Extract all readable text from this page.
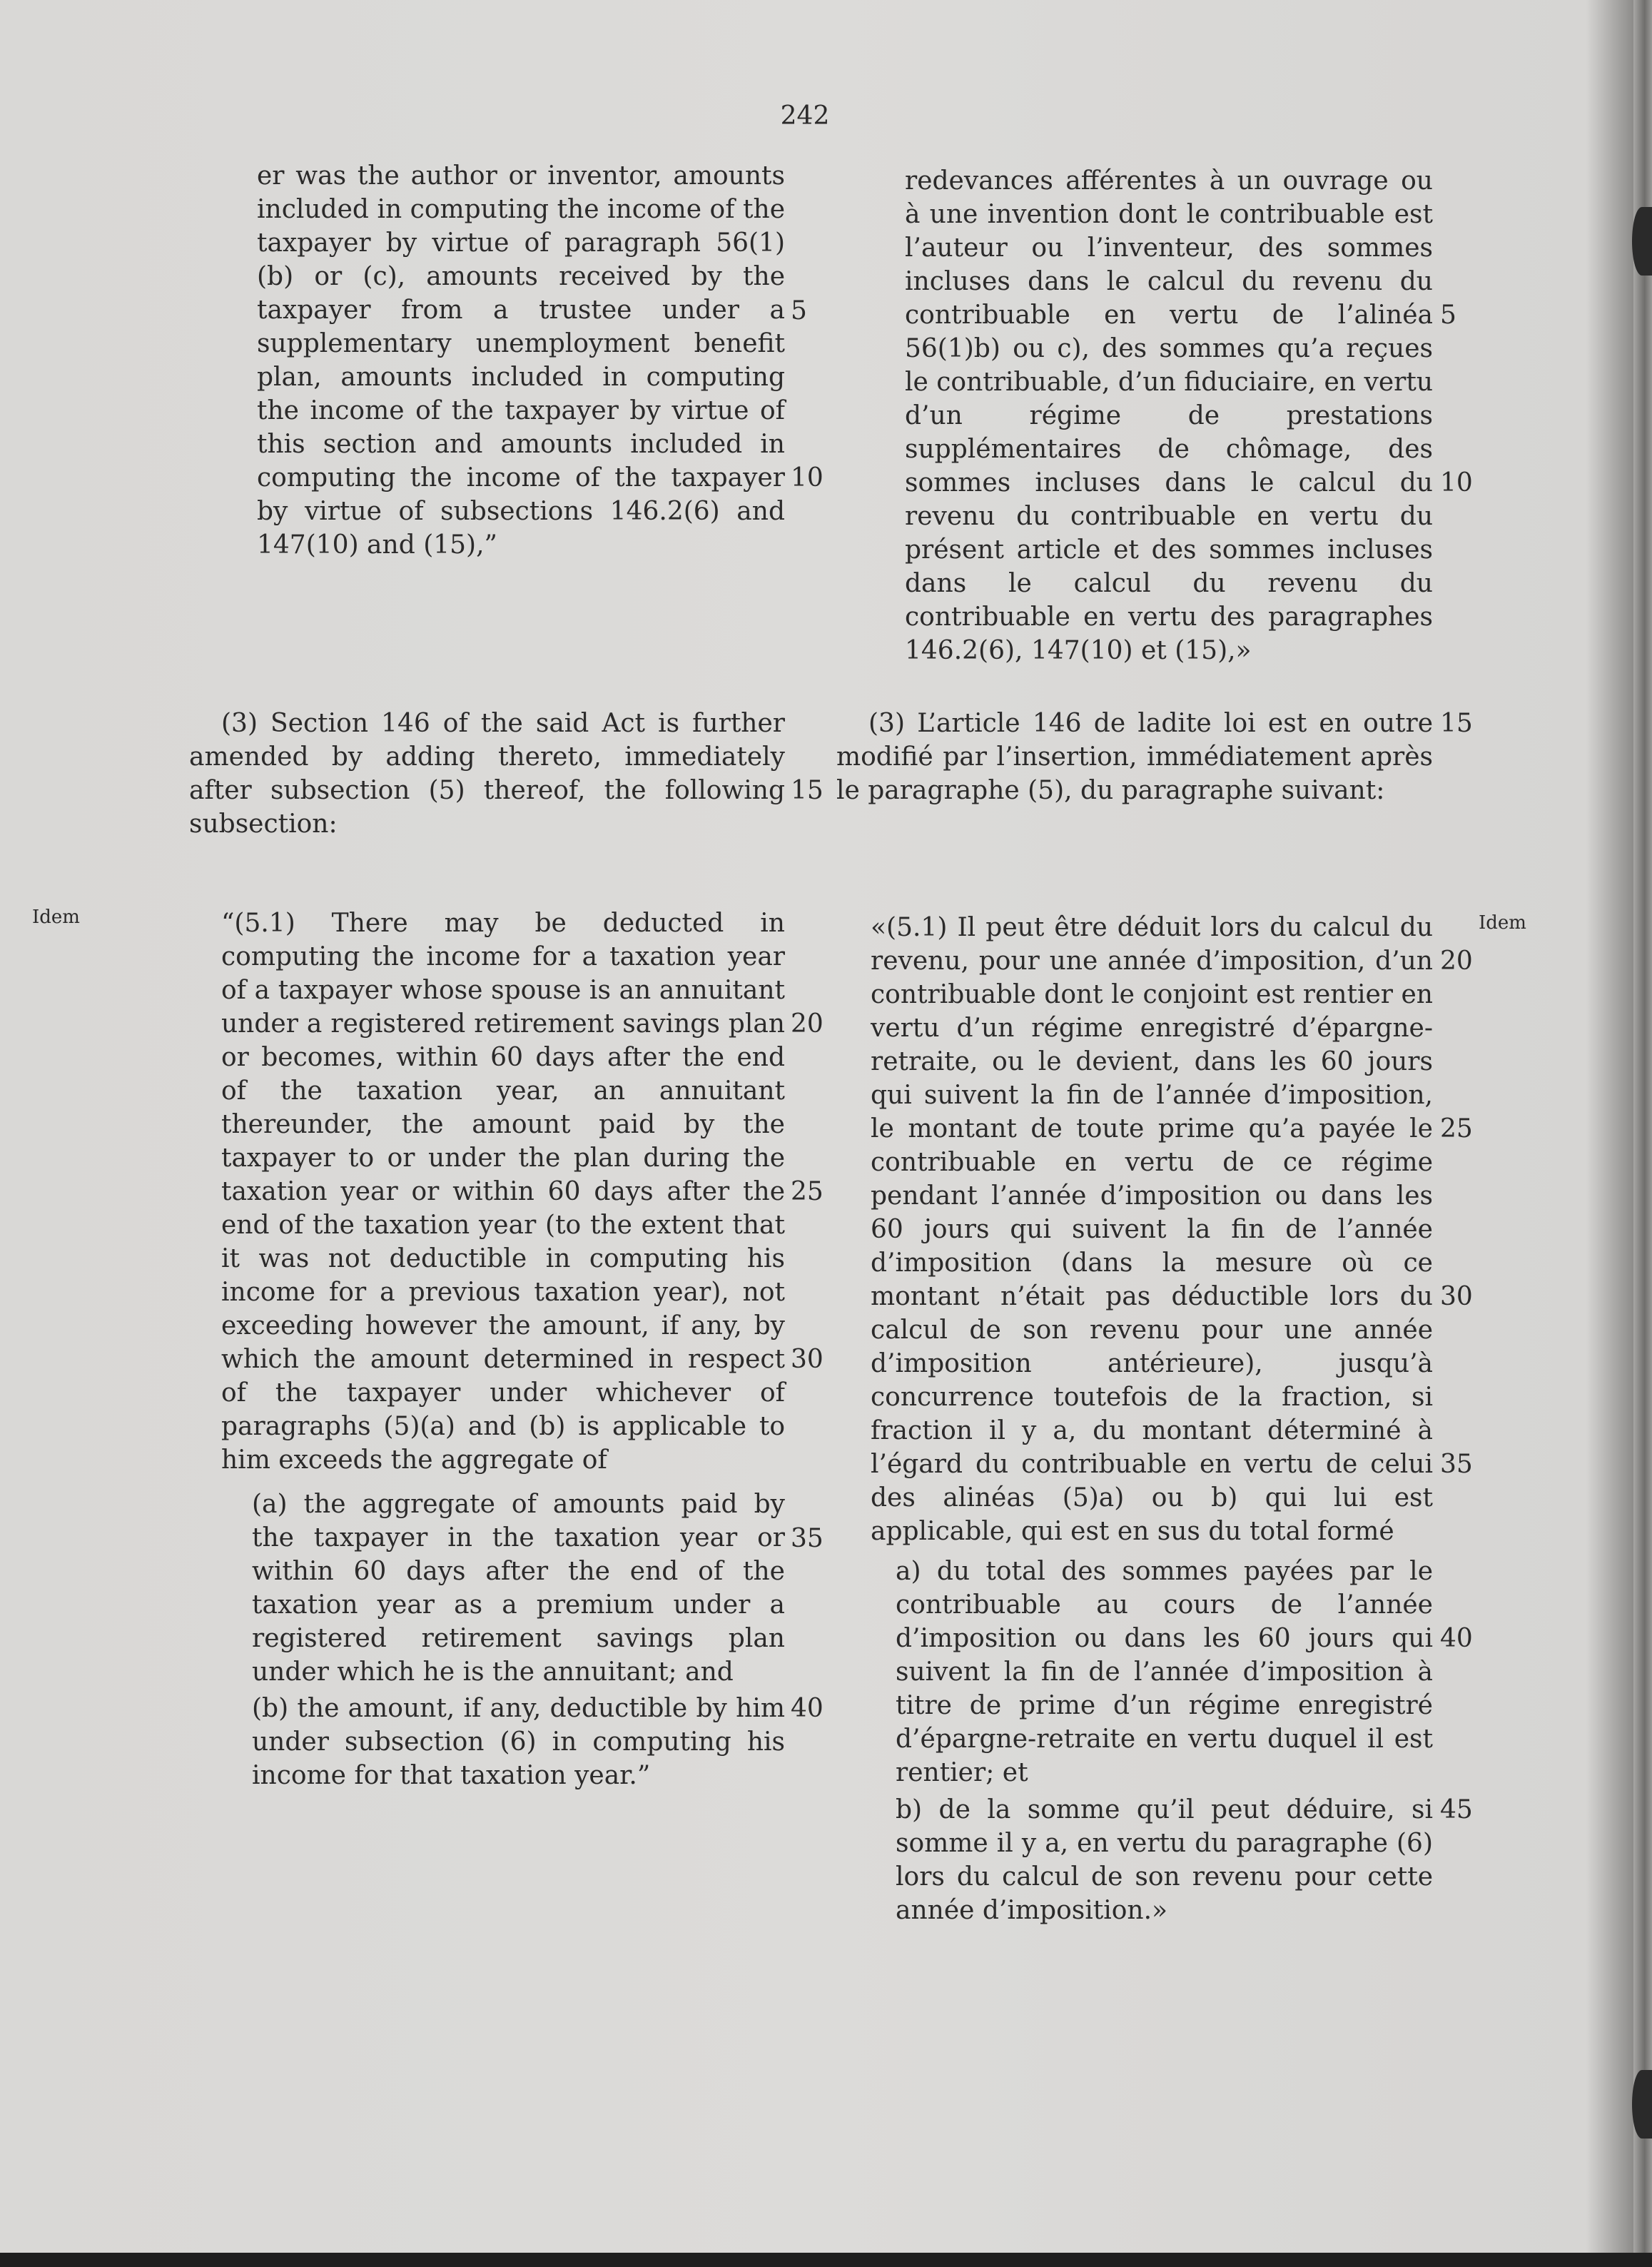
242

er was the author or inventor, amounts included in computing the income of the taxpayer by virtue of paragraph 56(1)(b) or (c), amounts received by the taxpayer from a trustee under a supplementary unemployment benefit plan, amounts included in computing the income of the taxpayer by virtue of this section and amounts included in computing the income of the taxpayer by virtue of subsections 146.2(6) and 147(10) and (15),”

redevances afférentes à un ouvrage ou à une invention dont le contribuable est l’auteur ou l’inventeur, des sommes incluses dans le calcul du revenu du contribuable en vertu de l’alinéa 56(1)b) ou c), des sommes qu’a reçues le contribuable, d’un fiduciaire, en vertu d’un régime de prestations supplémentaires de chômage, des sommes incluses dans le calcul du revenu du contribuable en vertu du présent article et des sommes incluses dans le calcul du revenu du contribuable en vertu des paragraphes 146.2(6), 147(10) et (15),»

(3) Section 146 of the said Act is further amended by adding thereto, immediately after subsection (5) thereof, the following subsection:

(3) L’article 146 de ladite loi est en outre modifié par l’insertion, immédiatement après le paragraphe (5), du paragraphe suivant:

Idem	Idem

“(5.1) There may be deducted in computing the income for a taxation year of a taxpayer whose spouse is an annuitant under a registered retirement savings plan or becomes, within 60 days after the end of the taxation year, an annuitant thereunder, the amount paid by the taxpayer to or under the plan during the taxation year or within 60 days after the end of the taxation year (to the extent that it was not deductible in computing his income for a previous taxation year), not exceeding however the amount, if any, by which the amount determined in respect of the taxpayer under whichever of paragraphs (5)(a) and (b) is applicable to him exceeds the aggregate of

(a) the aggregate of amounts paid by the taxpayer in the taxation year or within 60 days after the end of the taxation year as a premium under a registered retirement savings plan under which he is the annuitant; and

(b) the amount, if any, deductible by him under subsection (6) in computing his income for that taxation year.”

«(5.1) Il peut être déduit lors du calcul du revenu, pour une année d’imposition, d’un contribuable dont le conjoint est rentier en vertu d’un régime enregistré d’épargne-retraite, ou le devient, dans les 60 jours qui suivent la fin de l’année d’imposition, le montant de toute prime qu’a payée le contribuable en vertu de ce régime pendant l’année d’imposition ou dans les 60 jours qui suivent la fin de l’année d’imposition (dans la mesure où ce montant n’était pas déductible lors du calcul de son revenu pour une année d’imposition antérieure), jusqu’à concurrence toutefois de la fraction, si fraction il y a, du montant déterminé à l’égard du contribuable en vertu de celui des alinéas (5)a) ou b) qui lui est applicable, qui est en sus du total formé

a) du total des sommes payées par le contribuable au cours de l’année d’imposition ou dans les 60 jours qui suivent la fin de l’année d’imposition à titre de prime d’un régime enregistré d’épargne-retraite en vertu duquel il est rentier; et

b) de la somme qu’il peut déduire, si somme il y a, en vertu du paragraphe (6) lors du calcul de son revenu pour cette année d’imposition.»

5
10
15
20
25
30
35
40
5
10
15
20
25
30
35
40
45
